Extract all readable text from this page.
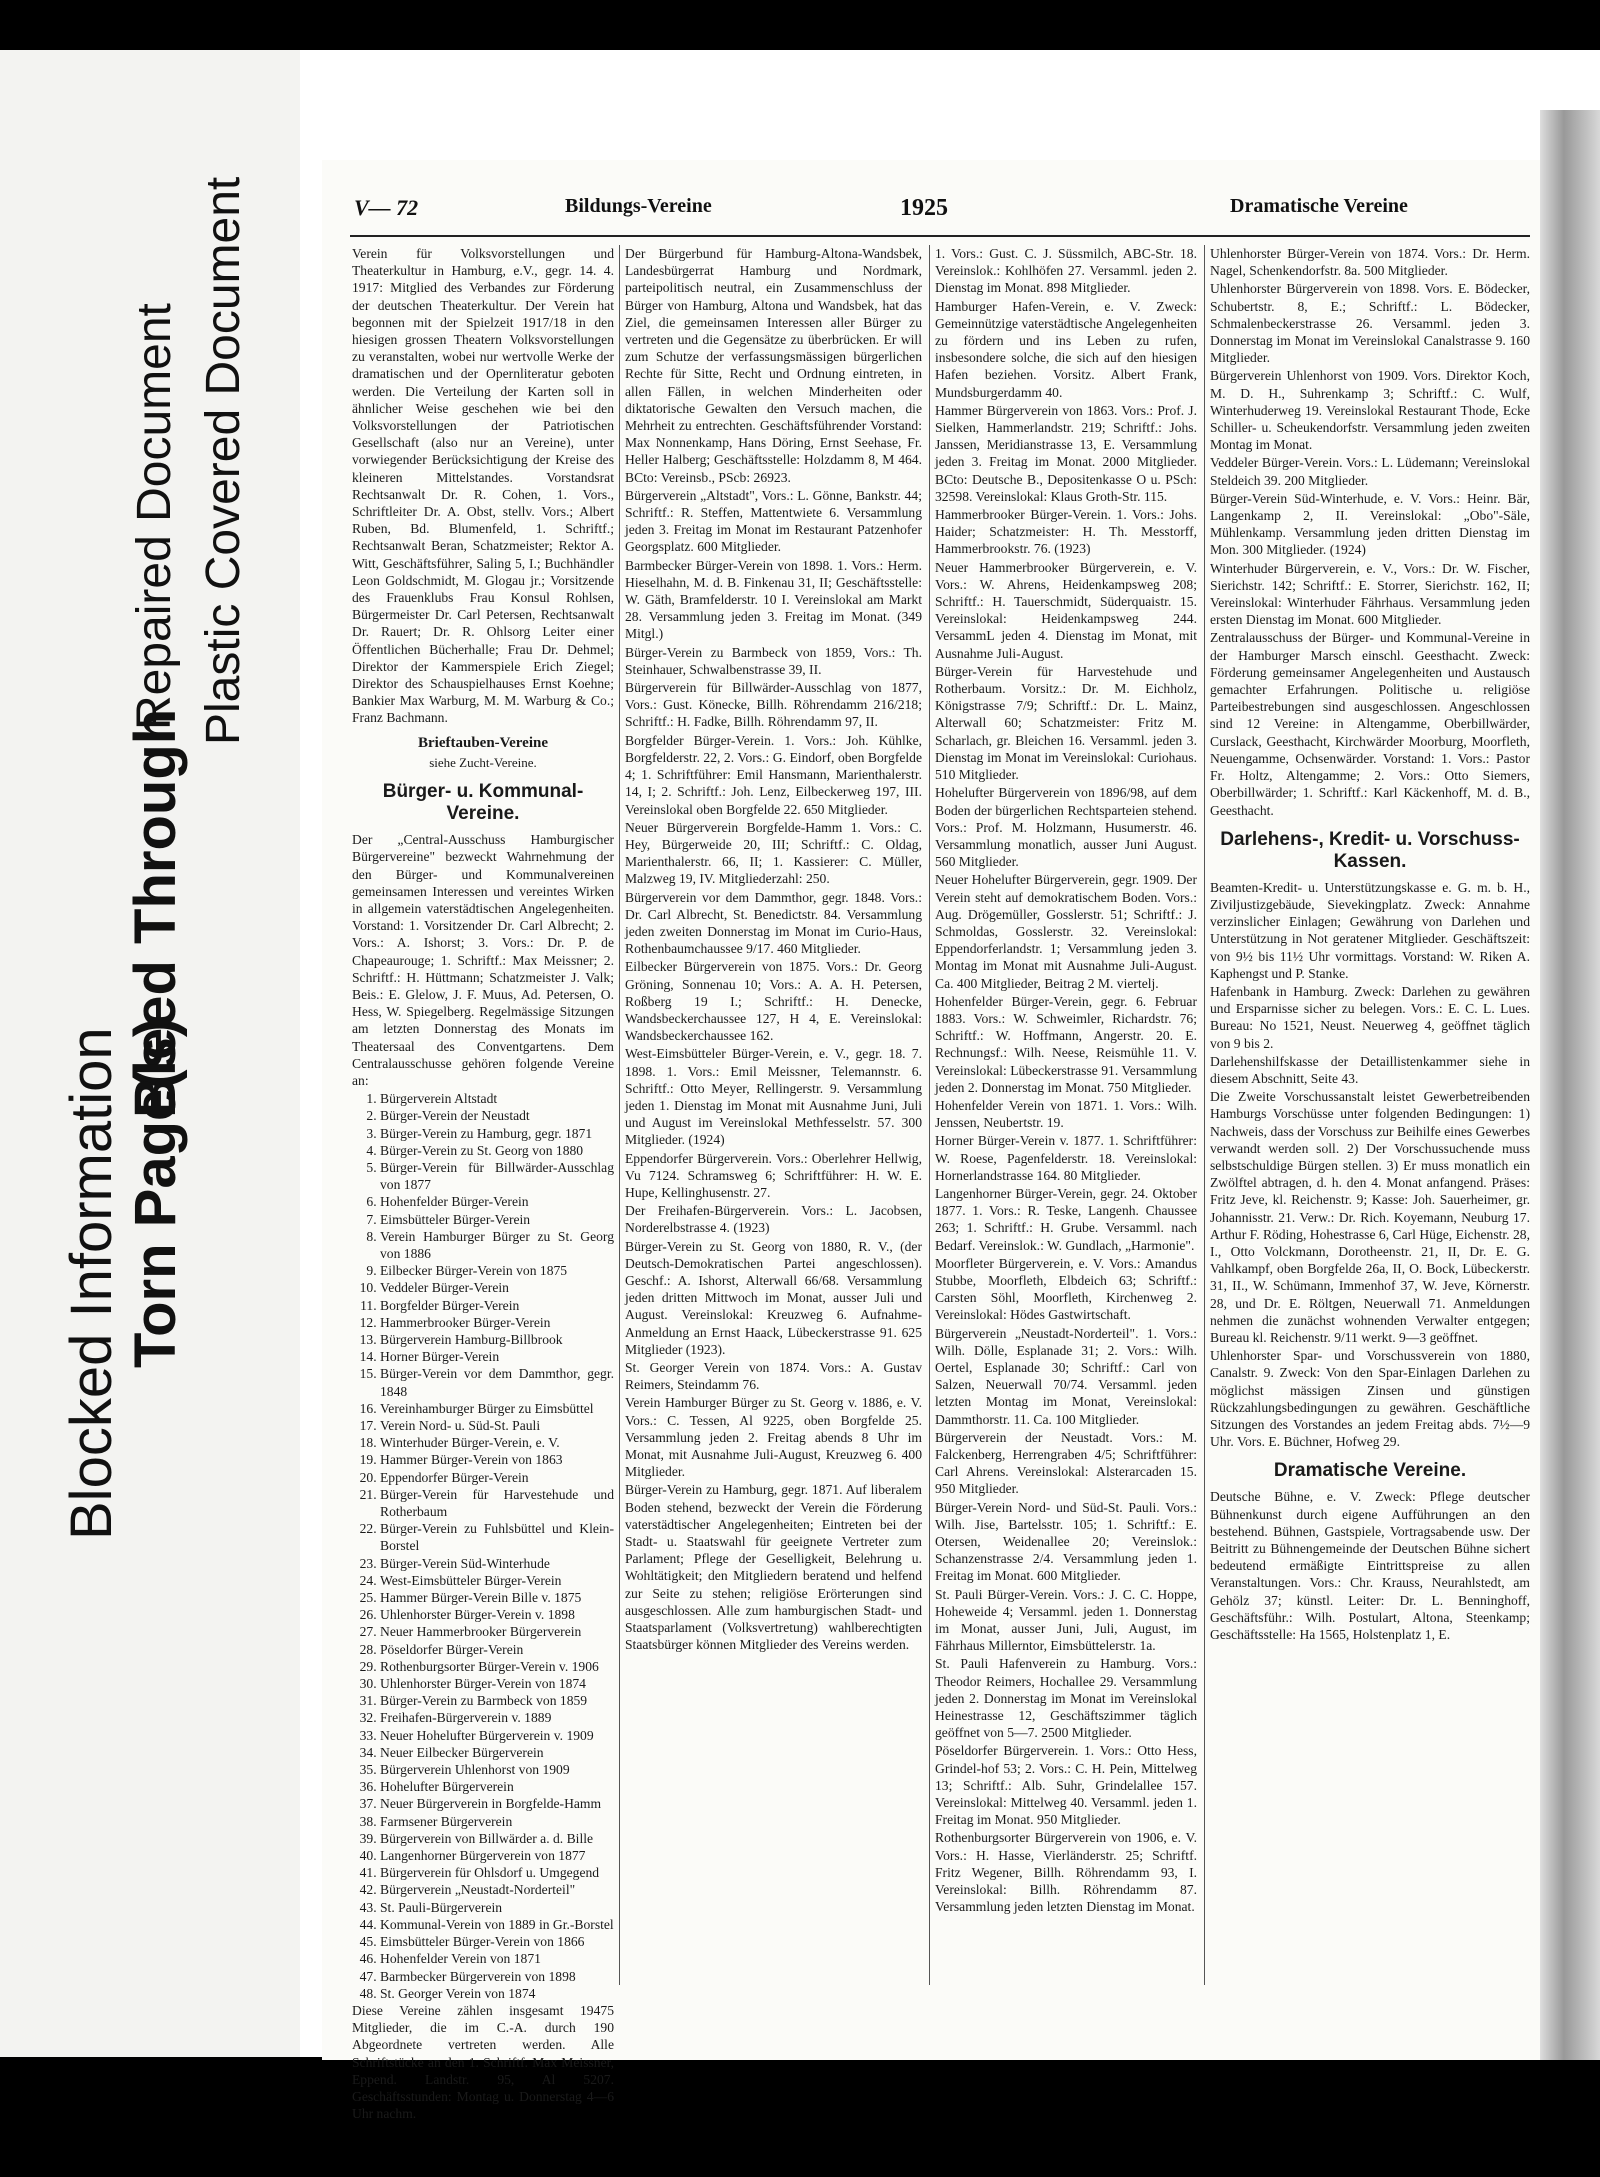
Blocked Information Torn Page(s)
Bleed Through
Repaired Document Plastic Covered Document	V— 72	Bildungs-Vereine	1925	Dramatische Vereine

Verein für Volksvorstellungen und Theaterkultur in Hamburg, e.V., gegr. 14. 4. 1917: Mitglied des Verbandes zur Förderung der deutschen Theaterkultur. Der Verein hat begonnen mit der Spielzeit 1917/18 in den hiesigen grossen Theatern Volksvorstellungen zu veranstalten, wobei nur wertvolle Werke der dramatischen und der Opernliteratur geboten werden. Die Verteilung der Karten soll in ähnlicher Weise geschehen wie bei den Volksvorstellungen der Patriotischen Gesellschaft (also nur an Vereine), unter vorwiegender Berücksichtigung der Kreise des kleineren Mittelstandes. Vorstandsrat Rechtsanwalt Dr. R. Cohen, 1. Vors., Schriftleiter Dr. A. Obst, stellv. Vors.; Albert Ruben, Bd. Blumenfeld, 1. Schriftf.; Rechtsanwalt Beran, Schatzmeister; Rektor A. Witt, Geschäftsführer, Saling 5, I.; Buchhändler Leon Goldschmidt, M. Glogau jr.; Vorsitzende des Frauenklubs Frau Konsul Rohlsen, Bürgermeister Dr. Carl Petersen, Rechtsanwalt Dr. Rauert; Dr. R. Ohlsorg Leiter einer Öffentlichen Bücherhalle; Frau Dr. Dehmel; Direktor der Kammerspiele Erich Ziegel; Direktor des Schauspielhauses Ernst Koehne; Bankier Max Warburg, M. M. Warburg & Co.; Franz Bachmann.

Brieftauben-Vereine
siehe Zucht-Vereine.
Bürger- u. Kommunal-Vereine.

Der „Central-Ausschuss Hamburgischer Bürgervereine" bezweckt Wahrnehmung der den Bürger- und Kommunalvereinen gemeinsamen Interessen und vereintes Wirken in allgemein vaterstädtischen Angelegenheiten. Vorstand: 1. Vorsitzender Dr. Carl Albrecht; 2. Vors.: A. Ishorst; 3. Vors.: Dr. P. de Chapeaurouge; 1. Schriftf.: Max Meissner; 2. Schriftf.: H. Hüttmann; Schatzmeister J. Valk; Beis.: E. Glelow, J. F. Muus, Ad. Petersen, O. Hess, W. Spiegelberg. Regelmässige Sitzungen am letzten Donnerstag des Monats im Theatersaal des Conventgartens. Dem Centralausschusse gehören folgende Vereine an:

1. Bürgerverein Altstadt
2. Bürger-Verein der Neustadt
3. Bürger-Verein zu Hamburg, gegr. 1871
4. Bürger-Verein zu St. Georg von 1880
5. Bürger-Verein für Billwärder-Ausschlag von 1877
6. Hohenfelder Bürger-Verein
7. Eimsbütteler Bürger-Verein
8. Verein Hamburger Bürger zu St. Georg von 1886
9. Eilbecker Bürger-Verein von 1875
10. Veddeler Bürger-Verein
11. Borgfelder Bürger-Verein
12. Hammerbrooker Bürger-Verein
13. Bürgerverein Hamburg-Billbrook
14. Horner Bürger-Verein
15. Bürger-Verein vor dem Dammthor, gegr. 1848
16. Vereinhamburger Bürger zu Eimsbüttel
17. Verein Nord- u. Süd-St. Pauli
18. Winterhuder Bürger-Verein, e. V.
19. Hammer Bürger-Verein von 1863
20. Eppendorfer Bürger-Verein
21. Bürger-Verein für Harvestehude und Rotherbaum
22. Bürger-Verein zu Fuhlsbüttel und Klein-Borstel
23. Bürger-Verein Süd-Winterhude
24. West-Eimsbütteler Bürger-Verein
25. Hammer Bürger-Verein Bille v. 1875
26. Uhlenhorster Bürger-Verein v. 1898
27. Neuer Hammerbrooker Bürgerverein
28. Pöseldorfer Bürger-Verein
29. Rothenburgsorter Bürger-Verein v. 1906
30. Uhlenhorster Bürger-Verein von 1874
31. Bürger-Verein zu Barmbeck von 1859
32. Freihafen-Bürgerverein v. 1889
33. Neuer Hohelufter Bürgerverein v. 1909
34. Neuer Eilbecker Bürgerverein
35. Bürgerverein Uhlenhorst von 1909
36. Hohelufter Bürgerverein
37. Neuer Bürgerverein in Borgfelde-Hamm
38. Farmsener Bürgerverein
39. Bürgerverein von Billwärder a. d. Bille
40. Langenhorner Bürgerverein von 1877
41. Bürgerverein für Ohlsdorf u. Umgegend
42. Bürgerverein „Neustadt-Norderteil"
43. St. Pauli-Bürgerverein
44. Kommunal-Verein von 1889 in Gr.-Borstel
45. Eimsbütteler Bürger-Verein von 1866
46. Hohenfelder Verein von 1871
47. Barmbecker Bürgerverein von 1898
48. St. Georger Verein von 1874

Diese Vereine zählen insgesamt 19475 Mitglieder, die im C.-A. durch 190 Abgeordnete vertreten werden. Alle Schriftstücke an den 1. Schriftf. Max Meissner, Eppend. Landstr. 95, Al 5207. Geschäftsstunden: Montag u. Donnerstag 4—6 Uhr nachm.

Der Bürgerbund für Hamburg-Altona-Wandsbek, Landesbürgerrat Hamburg und Nordmark, parteipolitisch neutral, ein Zusammenschluss der Bürger von Hamburg, Altona und Wandsbek, hat das Ziel, die gemeinsamen Interessen aller Bürger zu vertreten und die Gegensätze zu überbrücken. Er will zum Schutze der verfassungsmässigen bürgerlichen Rechte für Sitte, Recht und Ordnung eintreten, in allen Fällen, in welchen Minderheiten oder diktatorische Gewalten den Versuch machen, die Mehrheit zu entrechten. Geschäftsführender Vorstand: Max Nonnenkamp, Hans Döring, Ernst Seehase, Fr. Heller Halberg; Geschäftsstelle: Holzdamm 8, M 464. BCto: Vereinsb., PScb: 26923.

Bürgerverein „Altstadt", Vors.: L. Gönne, Bankstr. 44; Schriftf.: R. Steffen, Mattentwiete 6. Versammlung jeden 3. Freitag im Monat im Restaurant Patzenhofer Georgsplatz. 600 Mitglieder.

Barmbecker Bürger-Verein von 1898. 1. Vors.: Herm. Hieselhahn, M. d. B. Finkenau 31, II; Geschäftsstelle: W. Gäth, Bramfelderstr. 10 I. Vereinslokal am Markt 28. Versammlung jeden 3. Freitag im Monat. (349 Mitgl.)

Bürger-Verein zu Barmbeck von 1859, Vors.: Th. Steinhauer, Schwalbenstrasse 39, II.

Bürgerverein für Billwärder-Ausschlag von 1877, Vors.: Gust. Könecke, Billh. Röhrendamm 216/218; Schriftf.: H. Fadke, Billh. Röhrendamm 97, II.

Borgfelder Bürger-Verein. 1. Vors.: Joh. Kühlke, Borgfelderstr. 22, 2. Vors.: G. Eindorf, oben Borgfelde 4; 1. Schriftführer: Emil Hansmann, Marienthalerstr. 14, I; 2. Schriftf.: Joh. Lenz, Eilbeckerweg 197, III. Vereinslokal oben Borgfelde 22. 650 Mitglieder.

Neuer Bürgerverein Borgfelde-Hamm 1. Vors.: C. Hey, Bürgerweide 20, III; Schriftf.: C. Oldag, Marienthalerstr. 66, II; 1. Kassierer: C. Müller, Malzweg 19, IV. Mitgliederzahl: 250.

Bürgerverein vor dem Dammthor, gegr. 1848. Vors.: Dr. Carl Albrecht, St. Benedictstr. 84. Versammlung jeden zweiten Donnerstag im Monat im Curio-Haus, Rothenbaumchaussee 9/17. 460 Mitglieder.

Eilbecker Bürgerverein von 1875. Vors.: Dr. Georg Gröning, Sonnenau 10; Vors.: A. A. H. Petersen, Roßberg 19 I.; Schriftf.: H. Denecke, Wandsbeckerchaussee 127, H 4, E. Vereinslokal: Wandsbeckerchaussee 162.

West-Eimsbütteler Bürger-Verein, e. V., gegr. 18. 7. 1898. 1. Vors.: Emil Meissner, Telemannstr. 6. Schriftf.: Otto Meyer, Rellingerstr. 9. Versammlung jeden 1. Dienstag im Monat mit Ausnahme Juni, Juli und August im Vereinslokal Methfesselstr. 57. 300 Mitglieder. (1924)

Eppendorfer Bürgerverein. Vors.: Oberlehrer Hellwig, Vu 7124. Schramsweg 6; Schriftführer: H. W. E. Hupe, Kellinghusenstr. 27.

Der Freihafen-Bürgerverein. Vors.: L. Jacobsen, Norderelbstrasse 4. (1923)

Bürger-Verein zu St. Georg von 1880, R. V., (der Deutsch-Demokratischen Partei angeschlossen). Geschf.: A. Ishorst, Alterwall 66/68. Versammlung jeden dritten Mittwoch im Monat, ausser Juli und August. Vereinslokal: Kreuzweg 6. Aufnahme-Anmeldung an Ernst Haack, Lübeckerstrasse 91. 625 Mitglieder (1923).

St. Georger Verein von 1874. Vors.: A. Gustav Reimers, Steindamm 76.

Verein Hamburger Bürger zu St. Georg v. 1886, e. V. Vors.: C. Tessen, Al 9225, oben Borgfelde 25. Versammlung jeden 2. Freitag abends 8 Uhr im Monat, mit Ausnahme Juli-August, Kreuzweg 6. 400 Mitglieder.

Bürger-Verein zu Hamburg, gegr. 1871. Auf liberalem Boden stehend, bezweckt der Verein die Förderung vaterstädtischer Angelegenheiten; Eintreten bei der Stadt- u. Staatswahl für geeignete Vertreter zum Parlament; Pflege der Geselligkeit, Belehrung u. Wohltätigkeit; den Mitgliedern beratend und helfend zur Seite zu stehen; religiöse Erörterungen sind ausgeschlossen. Alle zum hamburgischen Stadt- und Staatsparlament (Volksvertretung) wahlberechtigten Staatsbürger können Mitglieder des Vereins werden.

1. Vors.: Gust. C. J. Süssmilch, ABC-Str. 18. Vereinslok.: Kohlhöfen 27. Versamml. jeden 2. Dienstag im Monat. 898 Mitglieder.

Hamburger Hafen-Verein, e. V. Zweck: Gemeinnützige vaterstädtische Angelegenheiten zu fördern und ins Leben zu rufen, insbesondere solche, die sich auf den hiesigen Hafen beziehen. Vorsitz. Albert Frank, Mundsburgerdamm 40.

Hammer Bürgerverein von 1863. Vors.: Prof. J. Sielken, Hammerlandstr. 219; Schriftf.: Johs. Janssen, Meridianstrasse 13, E. Versammlung jeden 3. Freitag im Monat. 2000 Mitglieder. BCto: Deutsche B., Depositenkasse O u. PSch: 32598. Vereinslokal: Klaus Groth-Str. 115.

Hammerbrooker Bürger-Verein. 1. Vors.: Johs. Haider; Schatzmeister: H. Th. Messtorff, Hammerbrookstr. 76. (1923)

Neuer Hammerbrooker Bürgerverein, e. V. Vors.: W. Ahrens, Heidenkampsweg 208; Schriftf.: H. Tauerschmidt, Süderquaistr. 15. Vereinslokal: Heidenkampsweg 244. VersammL jeden 4. Dienstag im Monat, mit Ausnahme Juli-August.

Bürger-Verein für Harvestehude und Rotherbaum. Vorsitz.: Dr. M. Eichholz, Königstrasse 7/9; Schriftf.: Dr. L. Mainz, Alterwall 60; Schatzmeister: Fritz M. Scharlach, gr. Bleichen 16. Versamml. jeden 3. Dienstag im Monat im Vereinslokal: Curiohaus. 510 Mitglieder.

Hohelufter Bürgerverein von 1896/98, auf dem Boden der bürgerlichen Rechtsparteien stehend. Vors.: Prof. M. Holzmann, Husumerstr. 46. Versammlung monatlich, ausser Juni August. 560 Mitglieder.

Neuer Hohelufter Bürgerverein, gegr. 1909. Der Verein steht auf demokratischem Boden. Vors.: Aug. Drögemüller, Gosslerstr. 51; Schriftf.: J. Schmoldas, Gosslerstr. 32. Vereinslokal: Eppendorferlandstr. 1; Versammlung jeden 3. Montag im Monat mit Ausnahme Juli-August. Ca. 400 Mitglieder, Beitrag 2 M. viertelj.

Hohenfelder Bürger-Verein, gegr. 6. Februar 1883. Vors.: W. Schweimler, Richardstr. 76; Schriftf.: W. Hoffmann, Angerstr. 20. E. Rechnungsf.: Wilh. Neese, Reismühle 11. V. Vereinslokal: Lübeckerstrasse 91. Versammlung jeden 2. Donnerstag im Monat. 750 Mitglieder.

Hohenfelder Verein von 1871. 1. Vors.: Wilh. Jenssen, Neubertstr. 19.

Horner Bürger-Verein v. 1877. 1. Schriftführer: W. Roese, Pagenfelderstr. 18. Vereinslokal: Hornerlandstrasse 164. 80 Mitglieder.

Langenhorner Bürger-Verein, gegr. 24. Oktober 1877. 1. Vors.: R. Teske, Langenh. Chaussee 263; 1. Schriftf.: H. Grube. Versamml. nach Bedarf. Vereinslok.: W. Gundlach, „Harmonie".

Moorfleter Bürgerverein, e. V. Vors.: Amandus Stubbe, Moorfleth, Elbdeich 63; Schriftf.: Carsten Söhl, Moorfleth, Kirchenweg 2. Vereinslokal: Hödes Gastwirtschaft.

Bürgerverein „Neustadt-Norderteil". 1. Vors.: Wilh. Dölle, Esplanade 31; 2. Vors.: Wilh. Oertel, Esplanade 30; Schriftf.: Carl von Salzen, Neuerwall 70/74. Versamml. jeden letzten Montag im Monat, Vereinslokal: Dammthorstr. 11. Ca. 100 Mitglieder.

Bürgerverein der Neustadt. Vors.: M. Falckenberg, Herrengraben 4/5; Schriftführer: Carl Ahrens. Vereinslokal: Alsterarcaden 15. 950 Mitglieder.

Bürger-Verein Nord- und Süd-St. Pauli. Vors.: Wilh. Jise, Bartelsstr. 105; 1. Schriftf.: E. Otersen, Weidenallee 20; Vereinslok.: Schanzenstrasse 2/4. Versammlung jeden 1. Freitag im Monat. 600 Mitglieder.

St. Pauli Bürger-Verein. Vors.: J. C. C. Hoppe, Hoheweide 4; Versamml. jeden 1. Donnerstag im Monat, ausser Juni, Juli, August, im Fährhaus Millerntor, Eimsbüttelerstr. 1a.

St. Pauli Hafenverein zu Hamburg. Vors.: Theodor Reimers, Hochallee 29. Versammlung jeden 2. Donnerstag im Monat im Vereinslokal Heinestrasse 12, Geschäftszimmer täglich geöffnet von 5—7. 2500 Mitglieder.

Pöseldorfer Bürgerverein. 1. Vors.: Otto Hess, Grindel-hof 53; 2. Vors.: C. H. Pein, Mittelweg 13; Schriftf.: Alb. Suhr, Grindelallee 157. Vereinslokal: Mittelweg 40. Versamml. jeden 1. Freitag im Monat. 950 Mitglieder.

Rothenburgsorter Bürgerverein von 1906, e. V. Vors.: H. Hasse, Vierländerstr. 25; Schriftf. Fritz Wegener, Billh. Röhrendamm 93, I. Vereinslokal: Billh. Röhrendamm 87. Versammlung jeden letzten Dienstag im Monat.

Uhlenhorster Bürger-Verein von 1874. Vors.: Dr. Herm. Nagel, Schenkendorfstr. 8a. 500 Mitglieder.

Uhlenhorster Bürgerverein von 1898. Vors. E. Bödecker, Schubertstr. 8, E.; Schriftf.: L. Bödecker, Schmalenbeckerstrasse 26. Versamml. jeden 3. Donnerstag im Monat im Vereinslokal Canalstrasse 9. 160 Mitglieder.

Bürgerverein Uhlenhorst von 1909. Vors. Direktor Koch, M. D. H., Suhrenkamp 3; Schriftf.: C. Wulf, Winterhuderweg 19. Vereinslokal Restaurant Thode, Ecke Schiller- u. Scheukendorfstr. Versammlung jeden zweiten Montag im Monat.

Veddeler Bürger-Verein. Vors.: L. Lüdemann; Vereinslokal Steldeich 39. 200 Mitglieder.

Bürger-Verein Süd-Winterhude, e. V. Vors.: Heinr. Bär, Langenkamp 2, II. Vereinslokal: „Obo"-Säle, Mühlenkamp. Versammlung jeden dritten Dienstag im Mon. 300 Mitglieder. (1924)

Winterhuder Bürgerverein, e. V., Vors.: Dr. W. Fischer, Sierichstr. 142; Schriftf.: E. Storrer, Sierichstr. 162, II; Vereinslokal: Winterhuder Fährhaus. Versammlung jeden ersten Dienstag im Monat. 600 Mitglieder.

Zentralausschuss der Bürger- und Kommunal-Vereine in der Hamburger Marsch einschl. Geesthacht. Zweck: Förderung gemeinsamer Angelegenheiten und Austausch gemachter Erfahrungen. Politische u. religiöse Parteibestrebungen sind ausgeschlossen. Angeschlossen sind 12 Vereine: in Altengamme, Oberbillwärder, Curslack, Geesthacht, Kirchwärder Moorburg, Moorfleth, Neuengamme, Ochsenwärder. Vorstand: 1. Vors.: Pastor Fr. Holtz, Altengamme; 2. Vors.: Otto Siemers, Oberbillwärder; 1. Schriftf.: Karl Käckenhoff, M. d. B., Geesthacht.

Darlehens-, Kredit- u. Vorschuss-Kassen.

Beamten-Kredit- u. Unterstützungskasse e. G. m. b. H., Ziviljustizgebäude, Sievekingplatz. Zweck: Annahme verzinslicher Einlagen; Gewährung von Darlehen und Unterstützung in Not geratener Mitglieder. Geschäftszeit: von 9½ bis 11½ Uhr vormittags. Vorstand: W. Riken A. Kaphengst und P. Stanke.

Hafenbank in Hamburg. Zweck: Darlehen zu gewähren und Ersparnisse sicher zu belegen. Vors.: E. C. L. Lues. Bureau: No 1521, Neust. Neuerweg 4, geöffnet täglich von 9 bis 2.

Darlehenshilfskasse der Detaillistenkammer siehe in diesem Abschnitt, Seite 43.

Die Zweite Vorschussanstalt leistet Gewerbetreibenden Hamburgs Vorschüsse unter folgenden Bedingungen: 1) Nachweis, dass der Vorschuss zur Beihilfe eines Gewerbes verwandt werden soll. 2) Der Vorschussuchende muss selbstschuldige Bürgen stellen. 3) Er muss monatlich ein Zwölftel abtragen, d. h. den 4. Monat anfangend. Präses: Fritz Jeve, kl. Reichenstr. 9; Kasse: Joh. Sauerheimer, gr. Johannisstr. 21. Verw.: Dr. Rich. Koyemann, Neuburg 17. Arthur F. Röding, Hohestrasse 6, Carl Hüge, Eichenstr. 28, I., Otto Volckmann, Dorotheenstr. 21, II, Dr. E. G. Vahlkampf, oben Borgfelde 26a, II, O. Bock, Lübeckerstr. 31, II., W. Schümann, Immenhof 37, W. Jeve, Körnerstr. 28, und Dr. E. Röltgen, Neuerwall 71. Anmeldungen nehmen die zunächst wohnenden Verwalter entgegen; Bureau kl. Reichenstr. 9/11 werkt. 9—3 geöffnet.

Uhlenhorster Spar- und Vorschussverein von 1880, Canalstr. 9. Zweck: Von den Spar-Einlagen Darlehen zu möglichst mässigen Zinsen und günstigen Rückzahlungsbedingungen zu gewähren. Geschäftliche Sitzungen des Vorstandes an jedem Freitag abds. 7½—9 Uhr. Vors. E. Büchner, Hofweg 29.

Dramatische Vereine.

Deutsche Bühne, e. V. Zweck: Pflege deutscher Bühnenkunst durch eigene Aufführungen an den bestehend. Bühnen, Gastspiele, Vortragsabende usw. Der Beitritt zu Bühnengemeinde der Deutschen Bühne sichert bedeutend ermäßigte Eintrittspreise zu allen Veranstaltungen. Vors.: Chr. Krauss, Neurahlstedt, am Gehölz 37; künstl. Leiter: Dr. L. Benninghoff, Geschäftsführ.: Wilh. Postulart, Altona, Steenkamp; Geschäftsstelle: Ha 1565, Holstenplatz 1, E.
